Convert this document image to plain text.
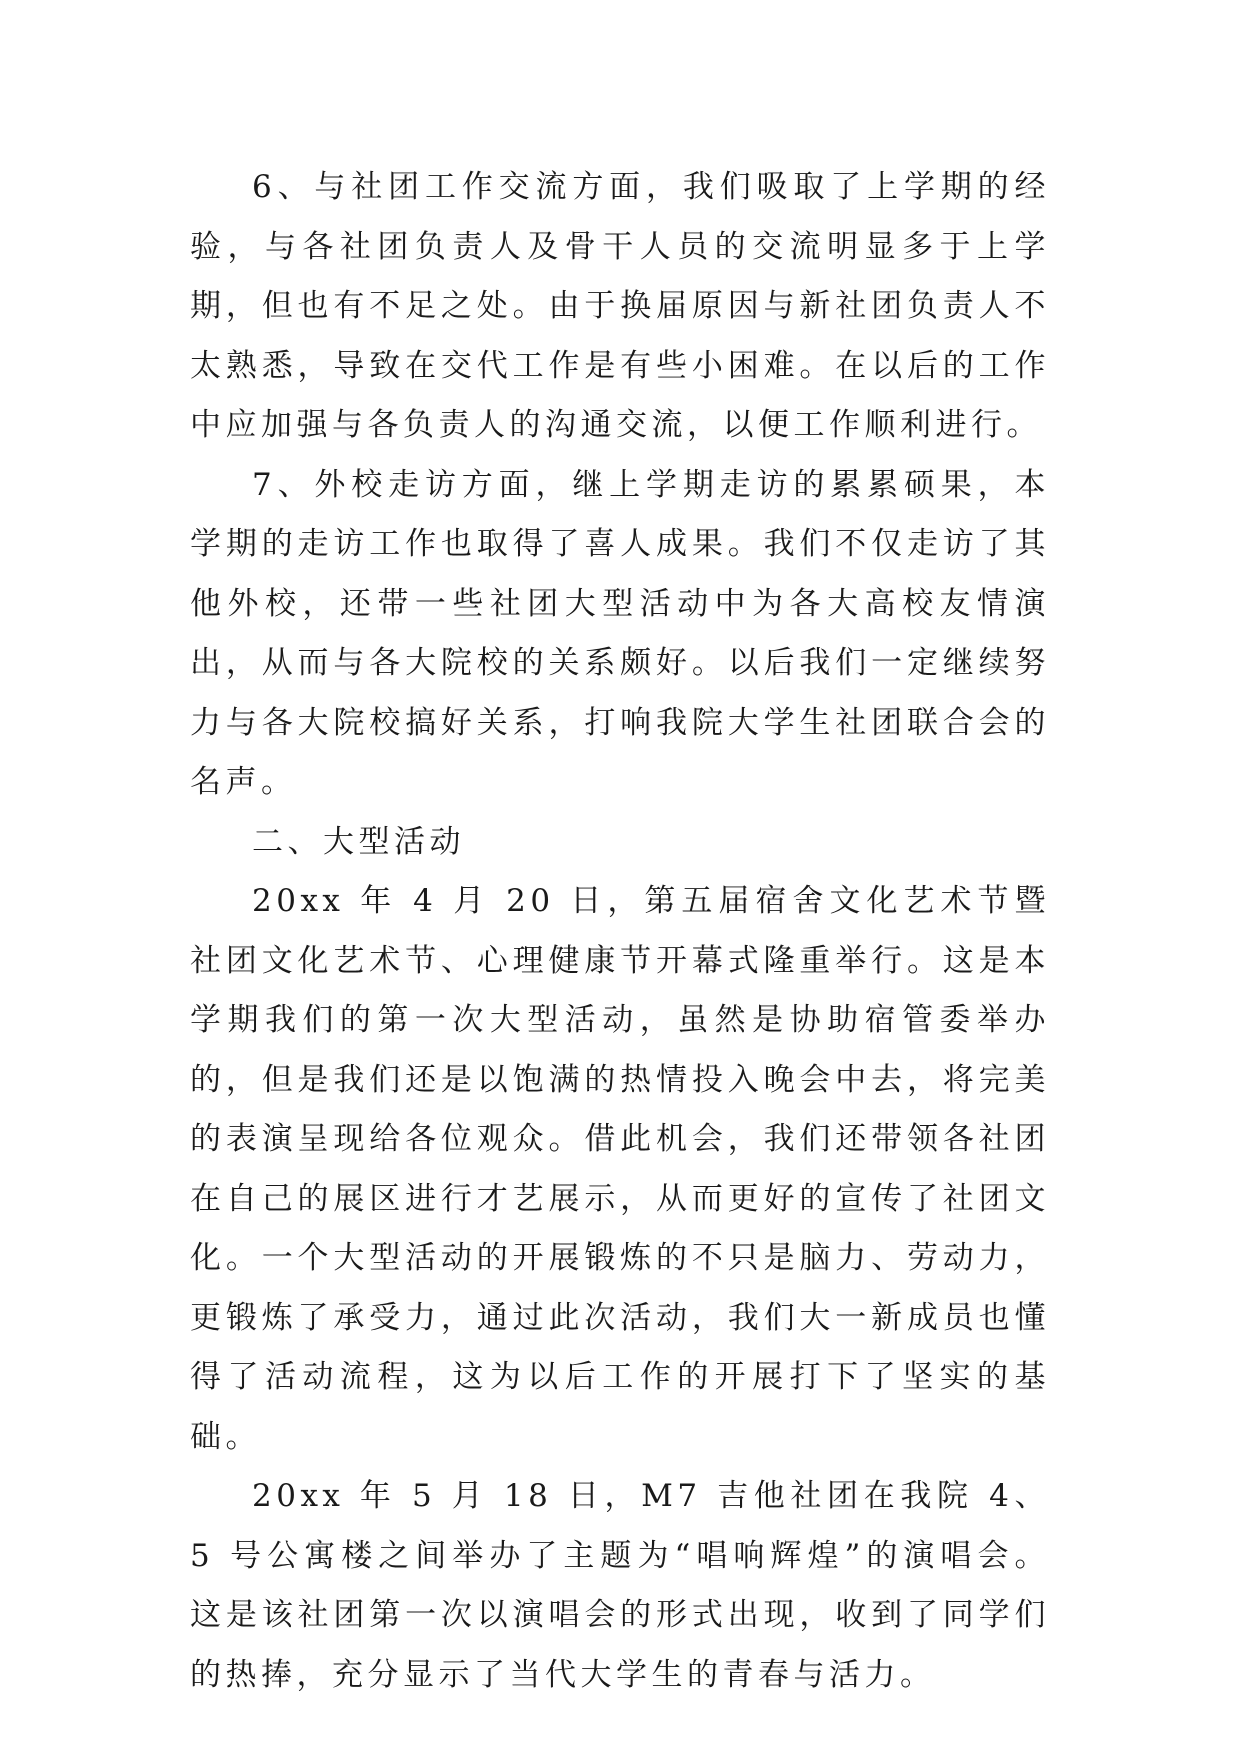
6、与社团工作交流方面，我们吸取了上学期的经验，与各社团负责人及骨干人员的交流明显多于上学期，但也有不足之处。由于换届原因与新社团负责人不太熟悉，导致在交代工作是有些小困难。在以后的工作中应加强与各负责人的沟通交流，以便工作顺利进行。

7、外校走访方面，继上学期走访的累累硕果，本学期的走访工作也取得了喜人成果。我们不仅走访了其他外校，还带一些社团大型活动中为各大高校友情演出，从而与各大院校的关系颇好。以后我们一定继续努力与各大院校搞好关系，打响我院大学生社团联合会的名声。

二、大型活动

20xx 年 4 月 20 日，第五届宿舍文化艺术节暨社团文化艺术节、心理健康节开幕式隆重举行。这是本学期我们的第一次大型活动，虽然是协助宿管委举办的，但是我们还是以饱满的热情投入晚会中去，将完美的表演呈现给各位观众。借此机会，我们还带领各社团在自己的展区进行才艺展示，从而更好的宣传了社团文化。一个大型活动的开展锻炼的不只是脑力、劳动力，更锻炼了承受力，通过此次活动，我们大一新成员也懂得了活动流程，这为以后工作的开展打下了坚实的基础。

20xx 年 5 月 18 日，M7 吉他社团在我院 4、5 号公寓楼之间举办了主题为“唱响辉煌”的演唱会。这是该社团第一次以演唱会的形式出现，收到了同学们的热捧，充分显示了当代大学生的青春与活力。
